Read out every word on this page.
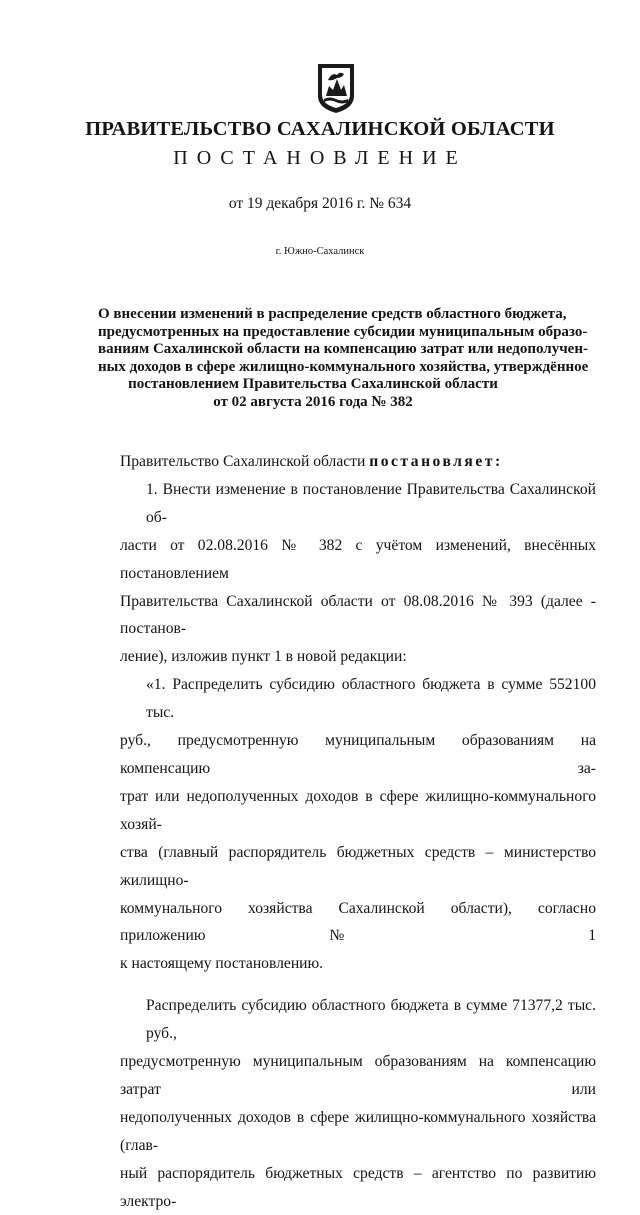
ПРАВИТЕЛЬСТВО САХАЛИНСКОЙ ОБЛАСТИ
ПОСТАНОВЛЕНИЕ
от 19 декабря 2016 г. № 634
г. Южно-Сахалинск
О внесении изменений в распределение средств областного бюджета,
предусмотренных на предоставление субсидии муниципальным образо-
ваниям Сахалинской области на компенсацию затрат или недополучен-
ных доходов в сфере жилищно-коммунального хозяйства, утверждённое
постановлением Правительства Сахалинской области
от 02 августа 2016 года № 382
Правительство Сахалинской области постановляет:
1. Внести изменение в постановление Правительства Сахалинской об-
ласти от 02.08.2016 № 382 с учётом изменений, внесённых постановлением
Правительства Сахалинской области от 08.08.2016 № 393 (далее - постанов-
ление), изложив пункт 1 в новой редакции:
«1. Распределить субсидию областного бюджета в сумме 552100 тыс.
руб., предусмотренную муниципальным образованиям на компенсацию за-
трат или недополученных доходов в сфере жилищно-коммунального хозяй-
ства (главный распорядитель бюджетных средств – министерство жилищно-
коммунального хозяйства Сахалинской области), согласно приложению № 1
к настоящему постановлению.
Распределить субсидию областного бюджета в сумме 71377,2 тыс. руб.,
предусмотренную муниципальным образованиям на компенсацию затрат или
недополученных доходов в сфере жилищно-коммунального хозяйства (глав-
ный распорядитель бюджетных средств – агентство по развитию электро-
